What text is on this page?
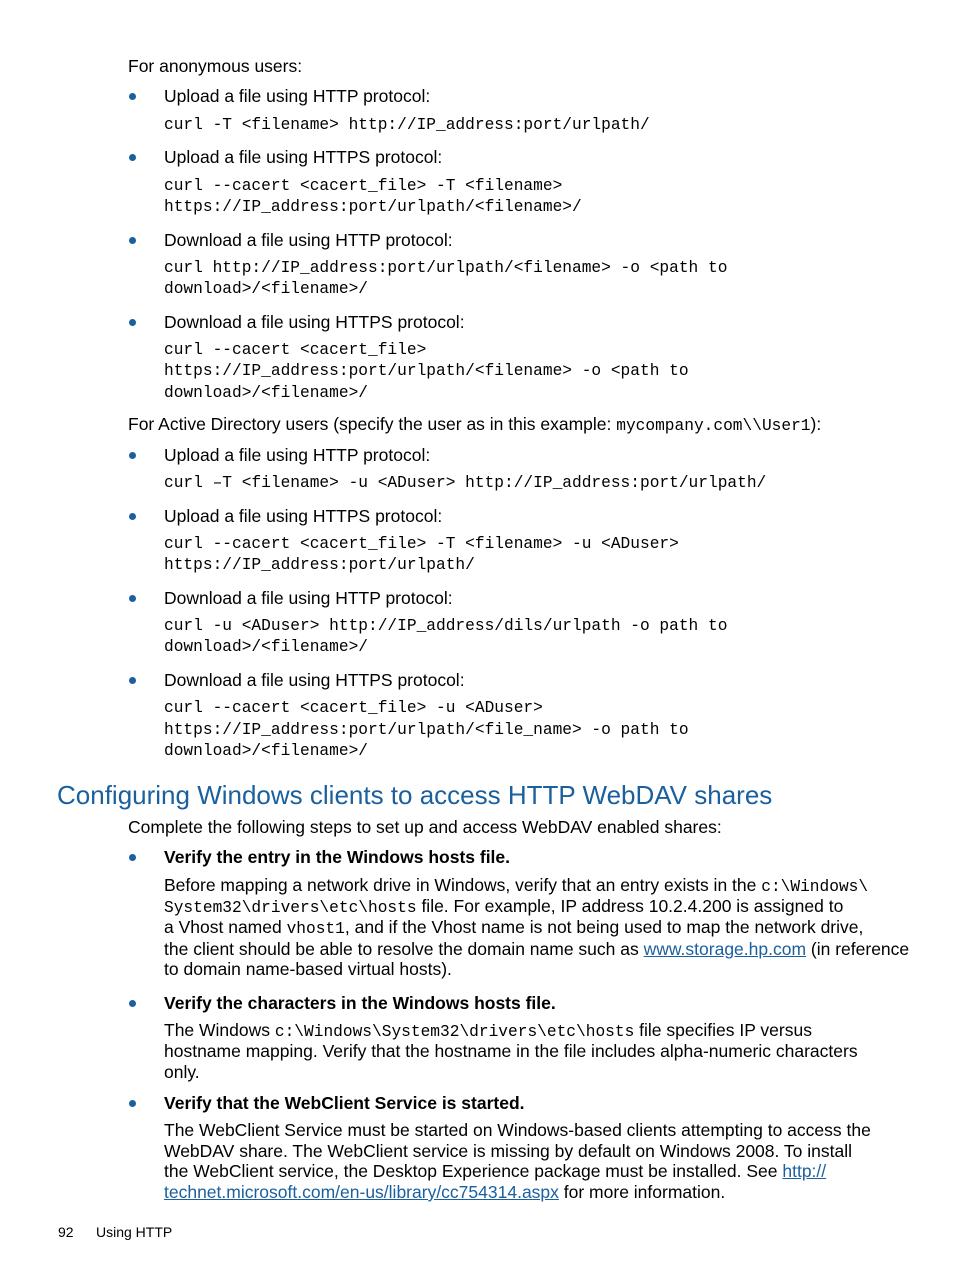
For anonymous users:
Upload a file using HTTP protocol:
curl -T <filename> http://IP_address:port/urlpath/
Upload a file using HTTPS protocol:
curl --cacert <cacert_file> -T <filename>
https://IP_address:port/urlpath/<filename>/
Download a file using HTTP protocol:
curl http://IP_address:port/urlpath/<filename> -o <path to
download>/<filename>/
Download a file using HTTPS protocol:
curl --cacert <cacert_file>
https://IP_address:port/urlpath/<filename> -o <path to
download>/<filename>/
For Active Directory users (specify the user as in this example: mycompany.com\\User1):
Upload a file using HTTP protocol:
curl –T <filename> -u <ADuser> http://IP_address:port/urlpath/
Upload a file using HTTPS protocol:
curl --cacert <cacert_file> -T <filename> -u <ADuser>
https://IP_address:port/urlpath/
Download a file using HTTP protocol:
curl -u <ADuser> http://IP_address/dils/urlpath -o path to
download>/<filename>/
Download a file using HTTPS protocol:
curl --cacert <cacert_file> -u <ADuser>
https://IP_address:port/urlpath/<file_name> -o path to
download>/<filename>/
Configuring Windows clients to access HTTP WebDAV shares
Complete the following steps to set up and access WebDAV enabled shares:
Verify the entry in the Windows hosts file.
Before mapping a network drive in Windows, verify that an entry exists in the c:\Windows\
System32\drivers\etc\hosts file. For example, IP address 10.2.4.200 is assigned to
a Vhost named vhost1, and if the Vhost name is not being used to map the network drive,
the client should be able to resolve the domain name such as www.storage.hp.com (in reference
to domain name-based virtual hosts).
Verify the characters in the Windows hosts file.
The Windows c:\Windows\System32\drivers\etc\hosts file specifies IP versus
hostname mapping. Verify that the hostname in the file includes alpha-numeric characters
only.
Verify that the WebClient Service is started.
The WebClient Service must be started on Windows-based clients attempting to access the
WebDAV share. The WebClient service is missing by default on Windows 2008. To install
the WebClient service, the Desktop Experience package must be installed. See http://
technet.microsoft.com/en-us/library/cc754314.aspx for more information.
92 Using HTTP
